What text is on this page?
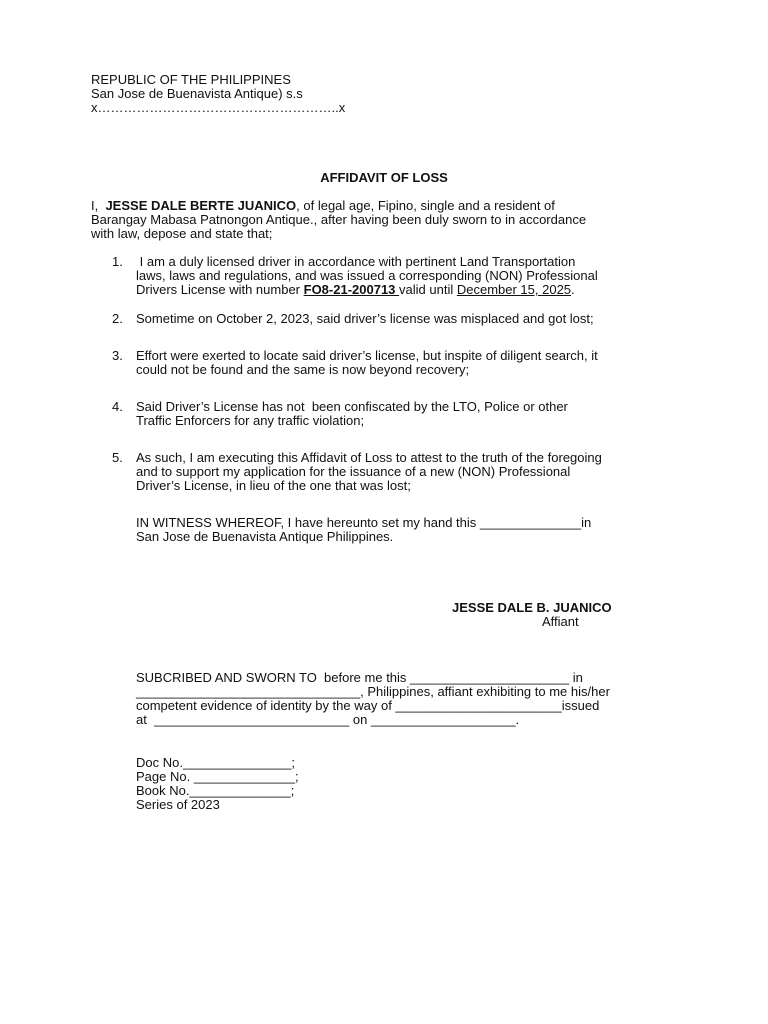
REPUBLIC OF THE PHILIPPINES
San Jose de Buenavista Antique) s.s
x………………………………………………..x
AFFIDAVIT OF LOSS
I,  JESSE DALE BERTE JUANICO, of legal age, Fipino, single and a resident of
Barangay Mabasa Patnongon Antique., after having been duly sworn to in accordance
with law, depose and state that;
1. I am a duly licensed driver in accordance with pertinent Land Transportation
laws, laws and regulations, and was issued a corresponding (NON) Professional
Drivers License with number FO8-21-200713 valid until December 15, 2025.
2. Sometime on October 2, 2023, said driver’s license was misplaced and got lost;
3. Effort were exerted to locate said driver’s license, but inspite of diligent search, it
could not be found and the same is now beyond recovery;
4. Said Driver’s License has not  been confiscated by the LTO, Police or other
Traffic Enforcers for any traffic violation;
5. As such, I am executing this Affidavit of Loss to attest to the truth of the foregoing
and to support my application for the issuance of a new (NON) Professional
Driver’s License, in lieu of the one that was lost;
IN WITNESS WHEREOF, I have hereunto set my hand this ______________in
San Jose de Buenavista Antique Philippines.
JESSE DALE B. JUANICO
Affiant
SUBCRIBED AND SWORN TO  before me this ______________________ in
_______________________________, Philippines, affiant exhibiting to me his/her
competent evidence of identity by the way of _______________________issued
at  ___________________________ on ____________________.
Doc No._______________;
Page No. ______________;
Book No.______________;
Series of 2023
